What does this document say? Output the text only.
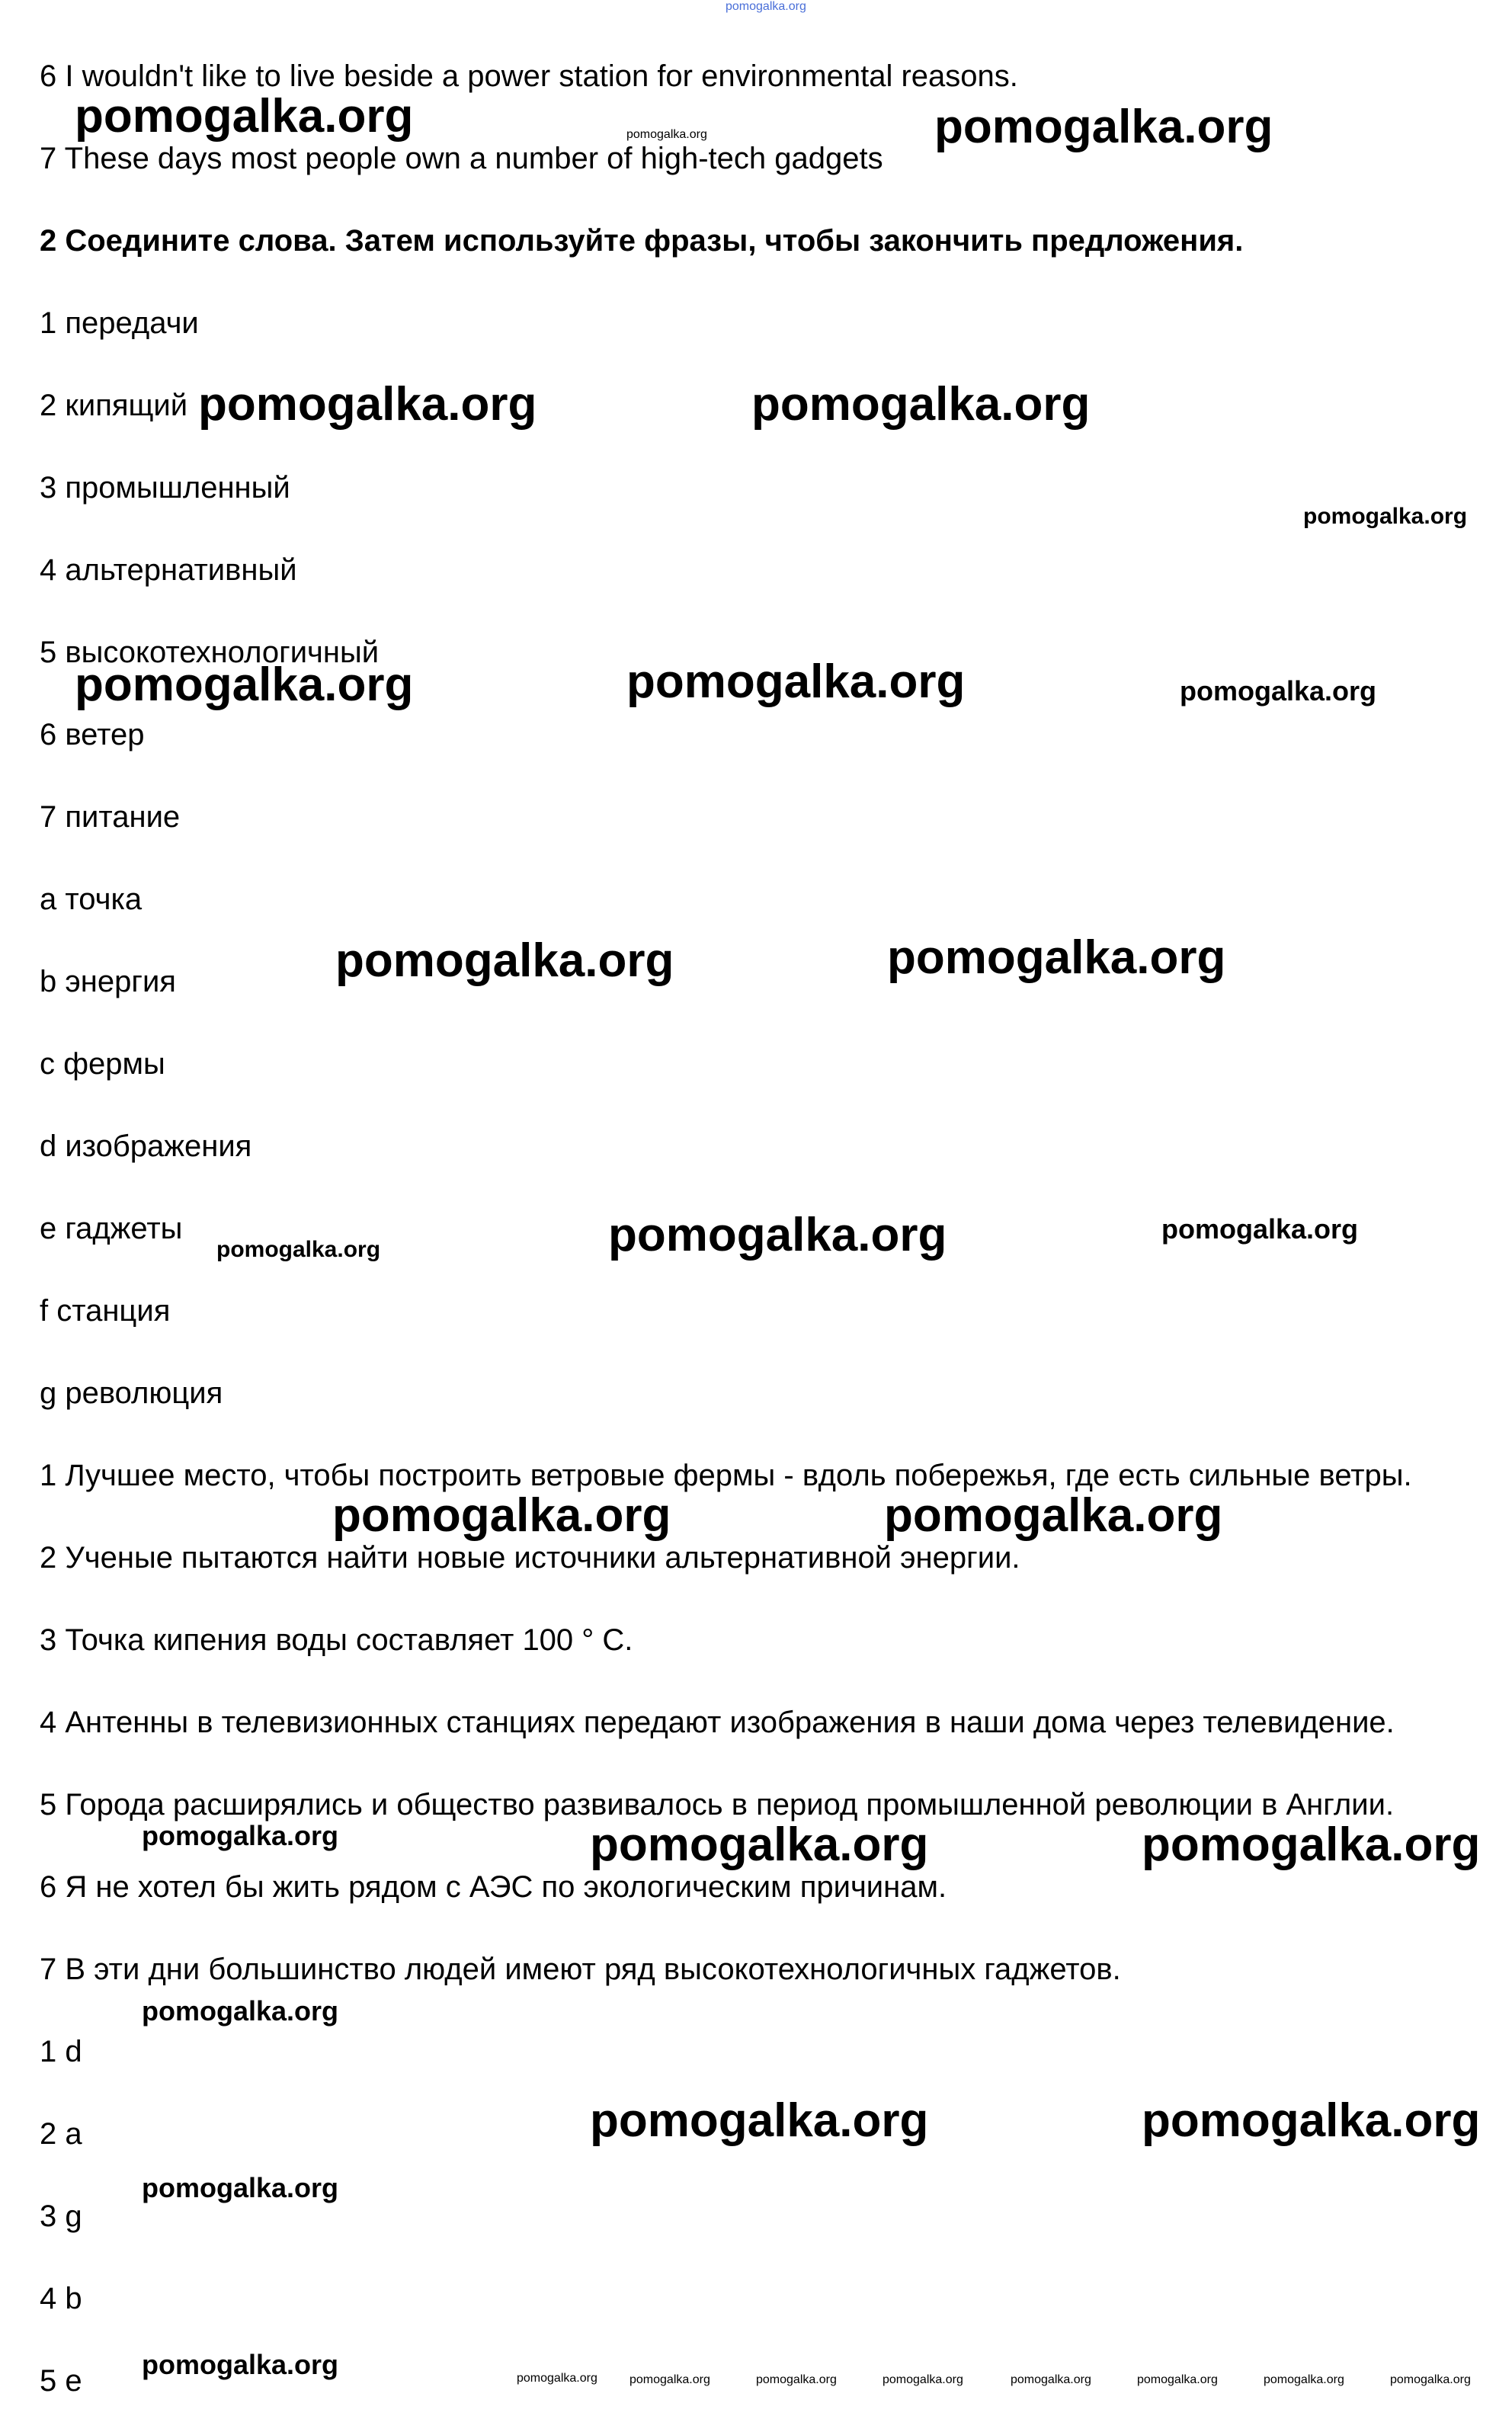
pomogalka.org
6 I wouldn't like to live beside a power station for environmental reasons.
7 These days most people own a number of high-tech gadgets
2 Соедините слова. Затем используйте фразы, чтобы закончить предложения.
1 передачи
2 кипящий
3 промышленный
4 альтернативный
5 высокотехнологичный
6 ветер
7 питание
a точка
b энергия
c фермы
d изображения
e гаджеты
f станция
g революция
1 Лучшее место, чтобы построить ветровые фермы - вдоль побережья, где есть сильные ветры.
2 Ученые пытаются найти новые источники альтернативной энергии.
3 Точка кипения воды составляет 100 ° С.
4 Антенны в телевизионных станциях передают изображения в наши дома через телевидение.
5 Города расширялись и общество развивалось в период промышленной революции в Англии.
6 Я не хотел бы жить рядом с АЭС по экологическим причинам.
7 В эти дни большинство людей имеют ряд высокотехнологичных гаджетов.
1 d
2 a
3 g
4 b
5 e
pomogalka.org	pomogalka.org	pomogalka.org
pomogalka.org	pomogalka.org
pomogalka.org
pomogalka.org	pomogalka.org	pomogalka.org
pomogalka.org	pomogalka.org
pomogalka.org	pomogalka.org	pomogalka.org
pomogalka.org	pomogalka.org
pomogalka.org	pomogalka.org	pomogalka.org
pomogalka.org
pomogalka.org	pomogalka.org
pomogalka.org
pomogalka.org	pomogalka.org	pomogalka.org	pomogalka.org	pomogalka.org	pomogalka.org	pomogalka.org	pomogalka.org	pomogalka.org
